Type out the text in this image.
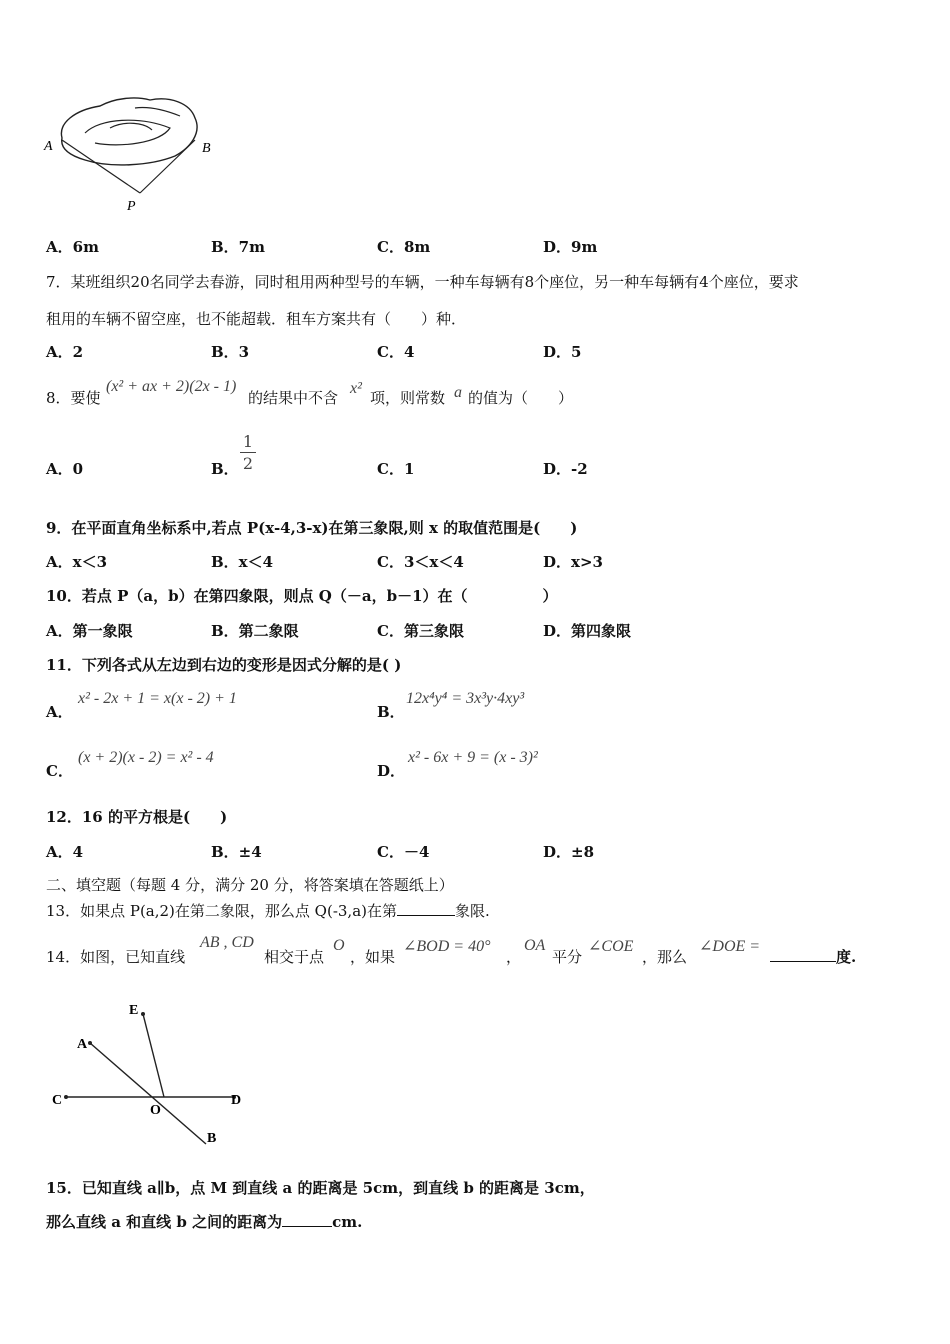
A	B
P
A．6m	B．7m	C．8m	D．9m
7．某班组织20名同学去春游，同时租用两种型号的车辆，一种车每辆有8个座位，另一种车每辆有4个座位，要求
租用的车辆不留空座，也不能超载．租车方案共有（　　）种．
A．2	B．3	C．4	D．5
8．要使
(x² + ax + 2)(2x - 1)
的结果中不含
x²
项，则常数 a 的值为（　　）
A．0	B．
1
2	C．1	D．-2
9．在平面直角坐标系中,若点 P(x-4,3-x)在第三象限,则 x 的取值范围是(　　)
A．x＜3	B．x＜4	C．3＜x＜4	D．x>3
10．若点 P（a，b）在第四象限，则点 Q（－a，b－1）在（　　　　　）
A．第一象限	B．第二象限	C．第三象限	D．第四象限
11．下列各式从左边到右边的变形是因式分解的是( )
A．
x² - 2x + 1 = x(x - 2) + 1
B．
12x⁴y⁴ = 3x³y·4xy³
C．
(x + 2)(x - 2) = x² - 4
D．
x² - 6x + 9 = (x - 3)²
12．16 的平方根是(　　)
A．4	B．±4	C．－4	D．±8
二、填空题（每题 4 分，满分 20 分，将答案填在答题纸上）
13．如果点 P(a,2)在第二象限，那么点 Q(-3,a)在第	象限.
14．如图，已知直线
AB , CD
相交于点
O
，如果
∠BOD = 40°
，
OA
平分
∠COE
，那么
∠DOE =
度.
E
A
C
O
D
B
15．已知直线 a∥b，点 M 到直线 a 的距离是 5cm，到直线 b 的距离是 3cm，
那么直线 a 和直线 b 之间的距离为	cm.
